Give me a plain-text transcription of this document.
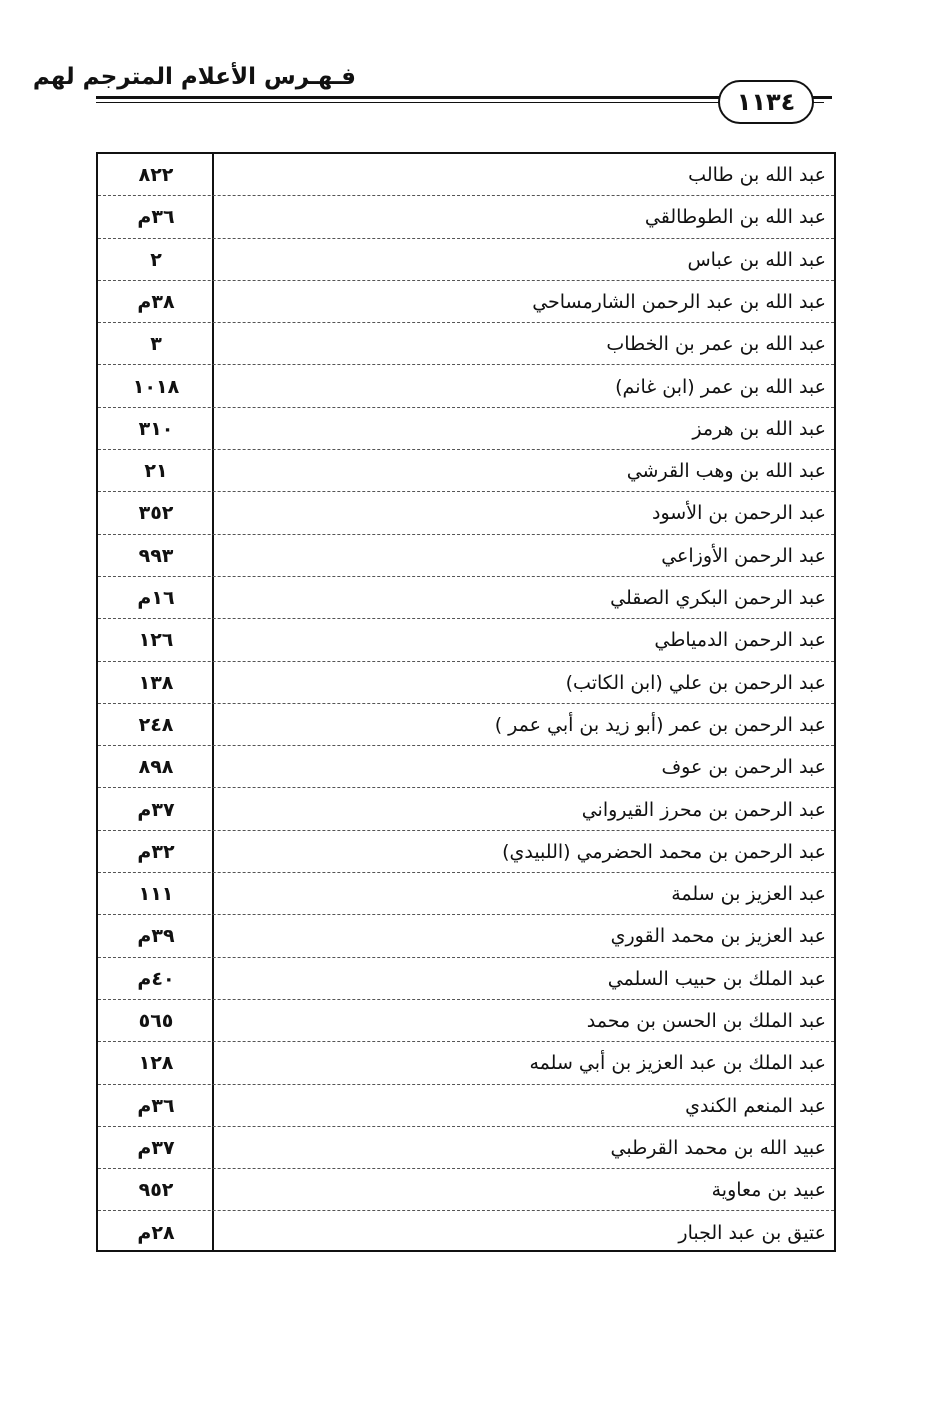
فـهـرس الأعلام المترجم لهم
١١٣٤
عبد الله بن طالب
٨٢٢
عبد الله بن الطوطالقي
٣٦م
عبد الله بن عباس
٢
عبد الله بن عبد الرحمن الشارمساحي
٣٨م
عبد الله بن عمر بن الخطاب
٣
عبد الله بن عمر (ابن غانم)
١٠١٨
عبد الله بن هرمز
٣١٠
عبد الله بن وهب القرشي
٢١
عبد الرحمن بن الأسود
٣٥٢
عبد الرحمن الأوزاعي
٩٩٣
عبد الرحمن البكري الصقلي
١٦م
عبد الرحمن الدمياطي
١٢٦
عبد الرحمن بن علي (ابن الكاتب)
١٣٨
عبد الرحمن بن عمر (أبو زيد بن أبي عمر )
٢٤٨
عبد الرحمن بن عوف
٨٩٨
عبد الرحمن بن محرز القيرواني
٣٧م
عبد الرحمن بن محمد الحضرمي (اللبيدي)
٣٢م
عبد العزيز بن سلمة
١١١
عبد العزيز بن محمد القوري
٣٩م
عبد الملك بن حبيب السلمي
٤٠م
عبد الملك بن الحسن بن محمد
٥٦٥
عبد الملك بن عبد العزيز بن أبي سلمه
١٢٨
عبد المنعم الكندي
٣٦م
عبيد الله بن محمد القرطبي
٣٧م
عبيد بن معاوية
٩٥٢
عتيق بن عبد الجبار
٢٨م
